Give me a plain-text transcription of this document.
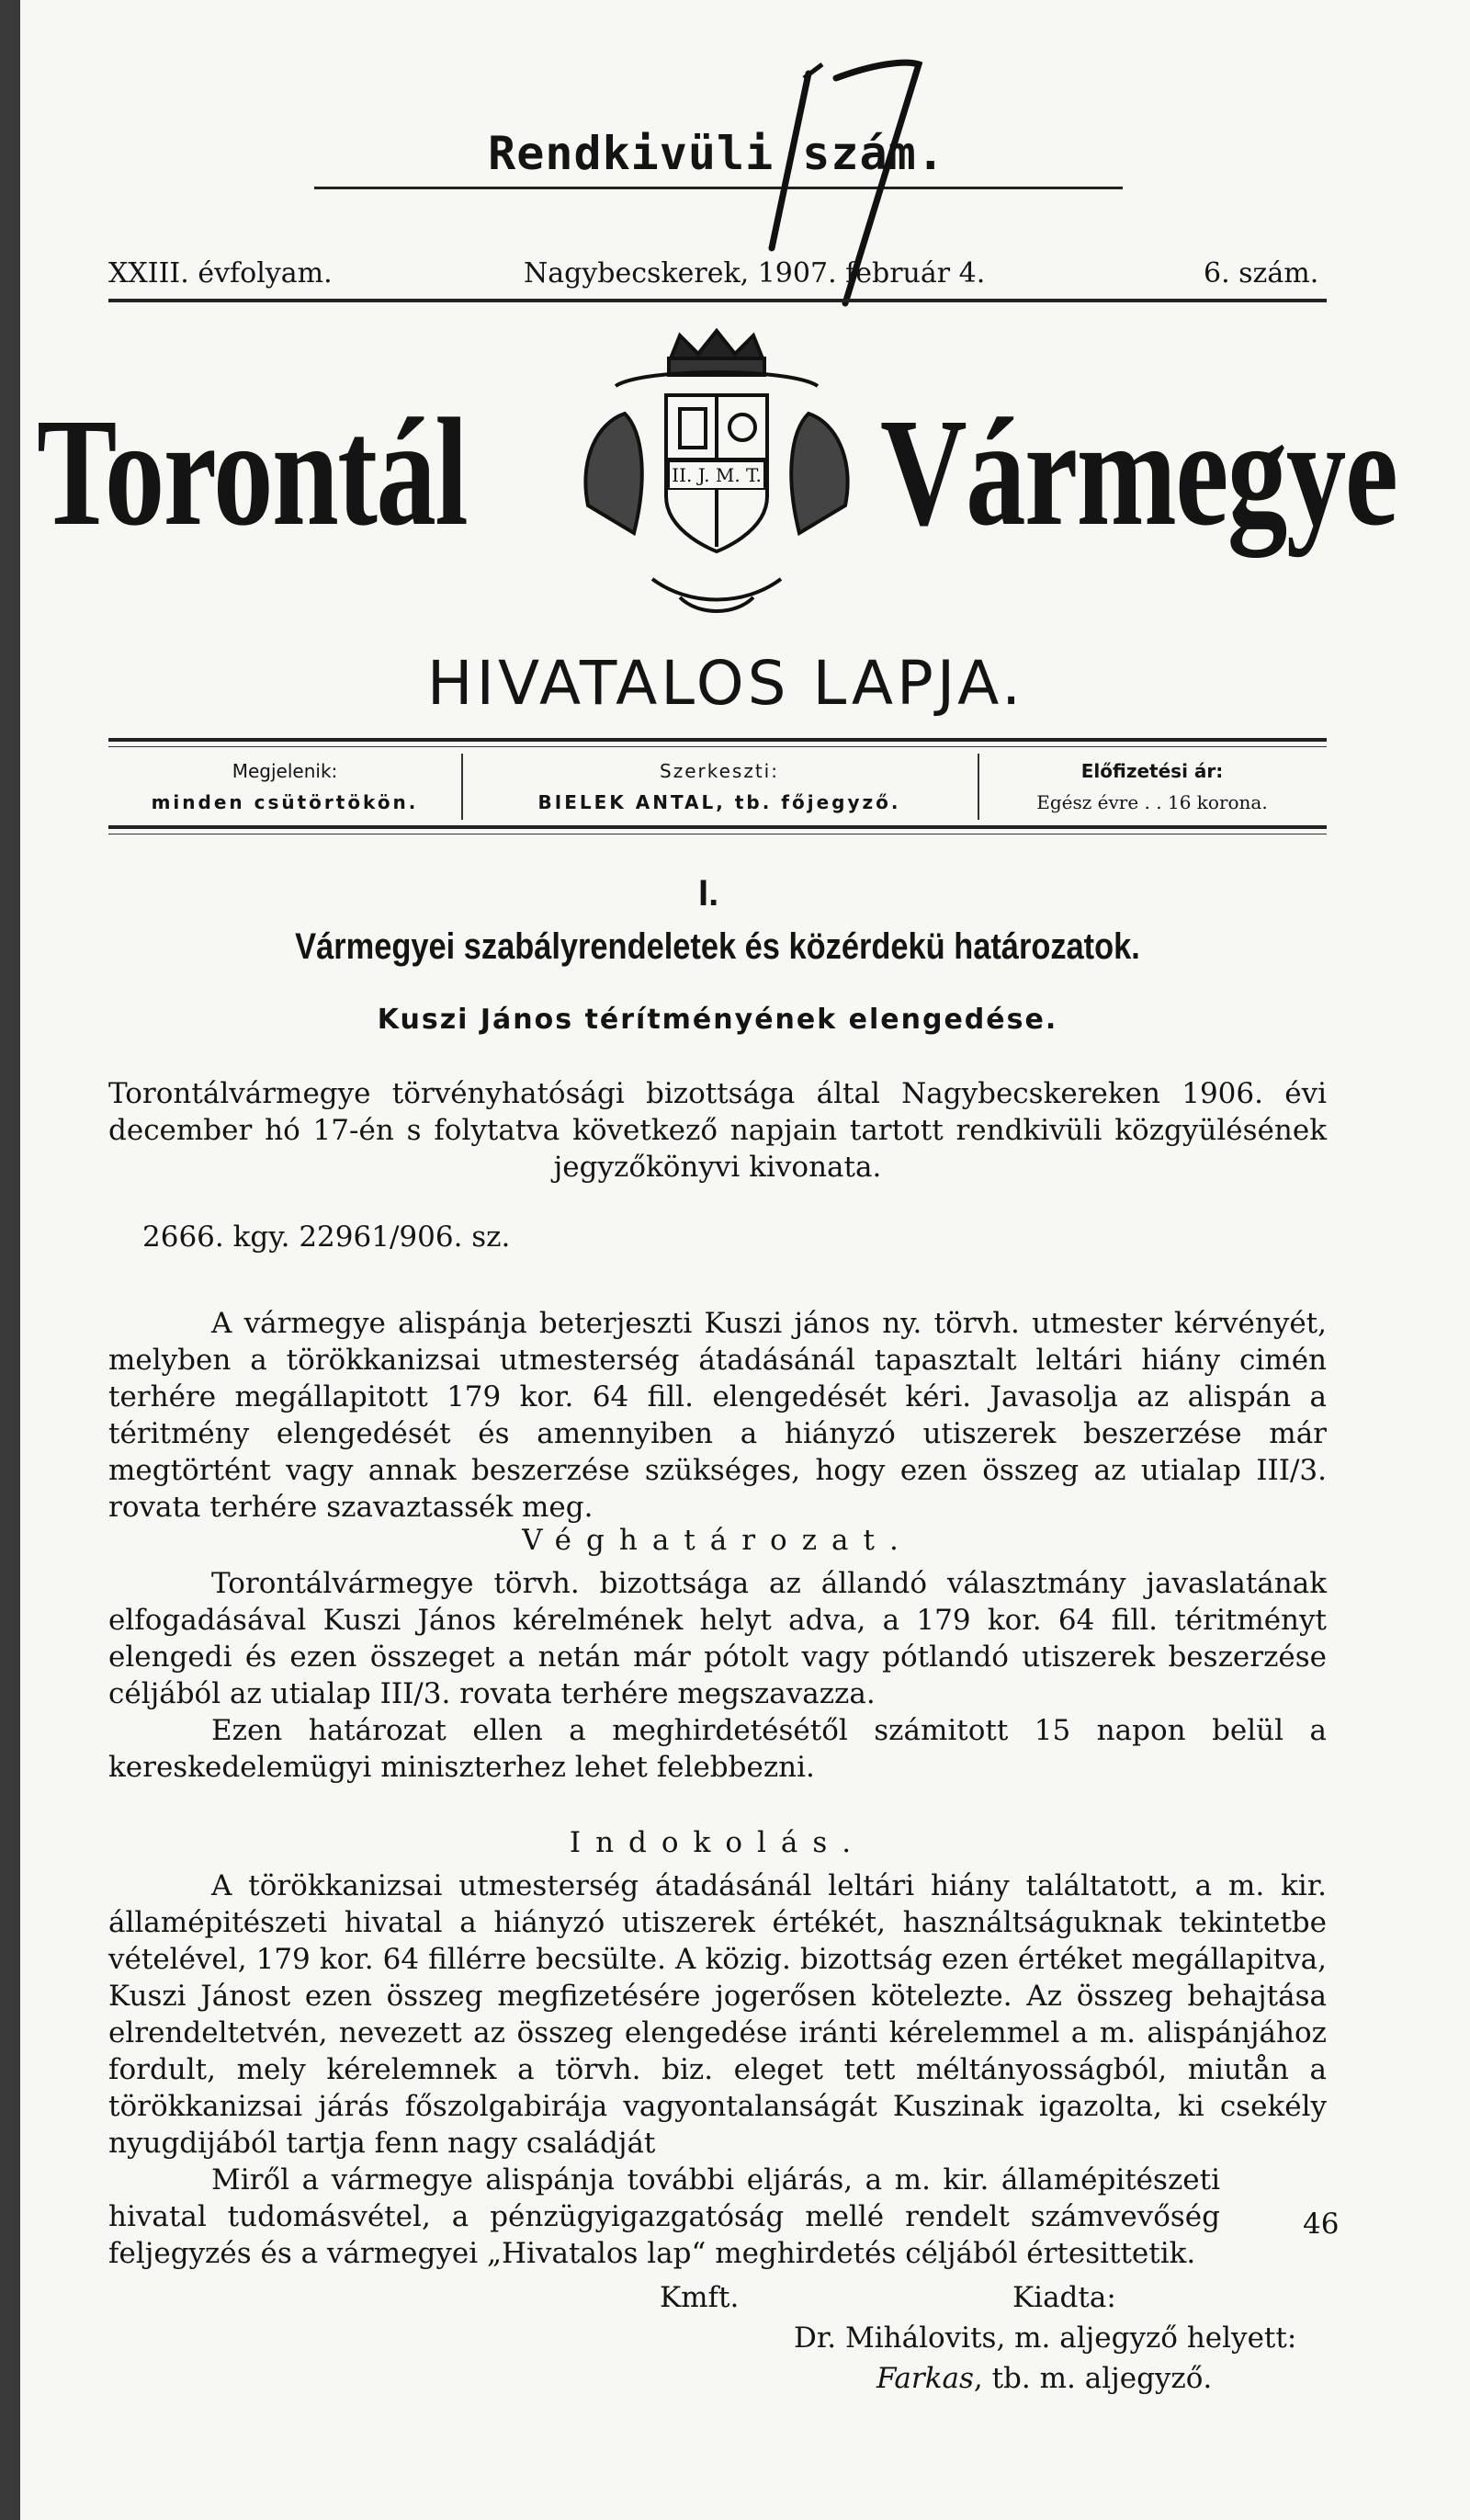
Rendkivüli szám.
XXIII. évfolyam.	Nagybecskerek, 1907. február 4.	6. szám.
Torontál	Vármegye
II. J. M. T.
HIVATALOS LAPJA.
Megjelenik:
minden csütörtökön.
Szerkeszti:
BIELEK ANTAL, tb. főjegyző.
Előfizetési ár:
Egész évre . . 16 korona.
I.
Vármegyei szabályrendeletek és közérdekü határozatok.
Kuszi János térítményének elengedése.
Torontálvármegye törvényhatósági bizottsága által Nagybecskereken 1906. évi december hó 17-én s folytatva következő napjain tartott rendkivüli közgyülésének jegyzőkönyvi kivonata.
2666. kgy. 22961/906. sz.
A vármegye alispánja beterjeszti Kuszi jános ny. törvh. utmester kérvényét, melyben a törökkanizsai utmesterség átadásánál tapasztalt leltári hiány cimén terhére megállapitott 179 kor. 64 fill. elengedését kéri. Javasolja az alispán a téritmény elengedését és amennyiben a hiányzó utiszerek beszerzése már megtörtént vagy annak beszerzése szükséges, hogy ezen összeg az utialap III/3. rovata terhére szavaztassék meg.
Véghatározat.
Torontálvármegye törvh. bizottsága az állandó választmány javaslatának elfogadásával Kuszi János kérelmének helyt adva, a 179 kor. 64 fill. téritményt elengedi és ezen összeget a netán már pótolt vagy pótlandó utiszerek beszerzése céljából az utialap III/3. rovata terhére megszavazza.
Ezen határozat ellen a meghirdetésétől számitott 15 napon belül a kereskedelemügyi miniszterhez lehet felebbezni.
Indokolás.
A törökkanizsai utmesterség átadásánál leltári hiány találtatott, a m. kir. államépitészeti hivatal a hiányzó utiszerek értékét, használtságuknak tekintetbe vételével, 179 kor. 64 fillérre becsülte. A közig. bizottság ezen értéket megállapitva, Kuszi Jánost ezen összeg megfizetésére jogerősen kötelezte. Az összeg behajtása elrendeltetvén, nevezett az összeg elengedése iránti kérelemmel a m. alispánjához fordult, mely kérelemnek a törvh. biz. eleget tett méltányosságból, miutån a törökkanizsai járás főszolgabirája vagyontalanságát Kuszinak igazolta, ki csekély nyugdijából tartja fenn nagy családját
Miről a vármegye alispánja további eljárás, a m. kir. államépitészeti hivatal tudomásvétel, a pénzügyigazgatóság mellé rendelt számvevőség feljegyzés és a vármegyei „Hivatalos lap“ meghirdetés céljából értesittetik.
46
Kmft.	Kiadta:
Dr. Mihálovits, m. aljegyző helyett:
Farkas, tb. m. aljegyző.
